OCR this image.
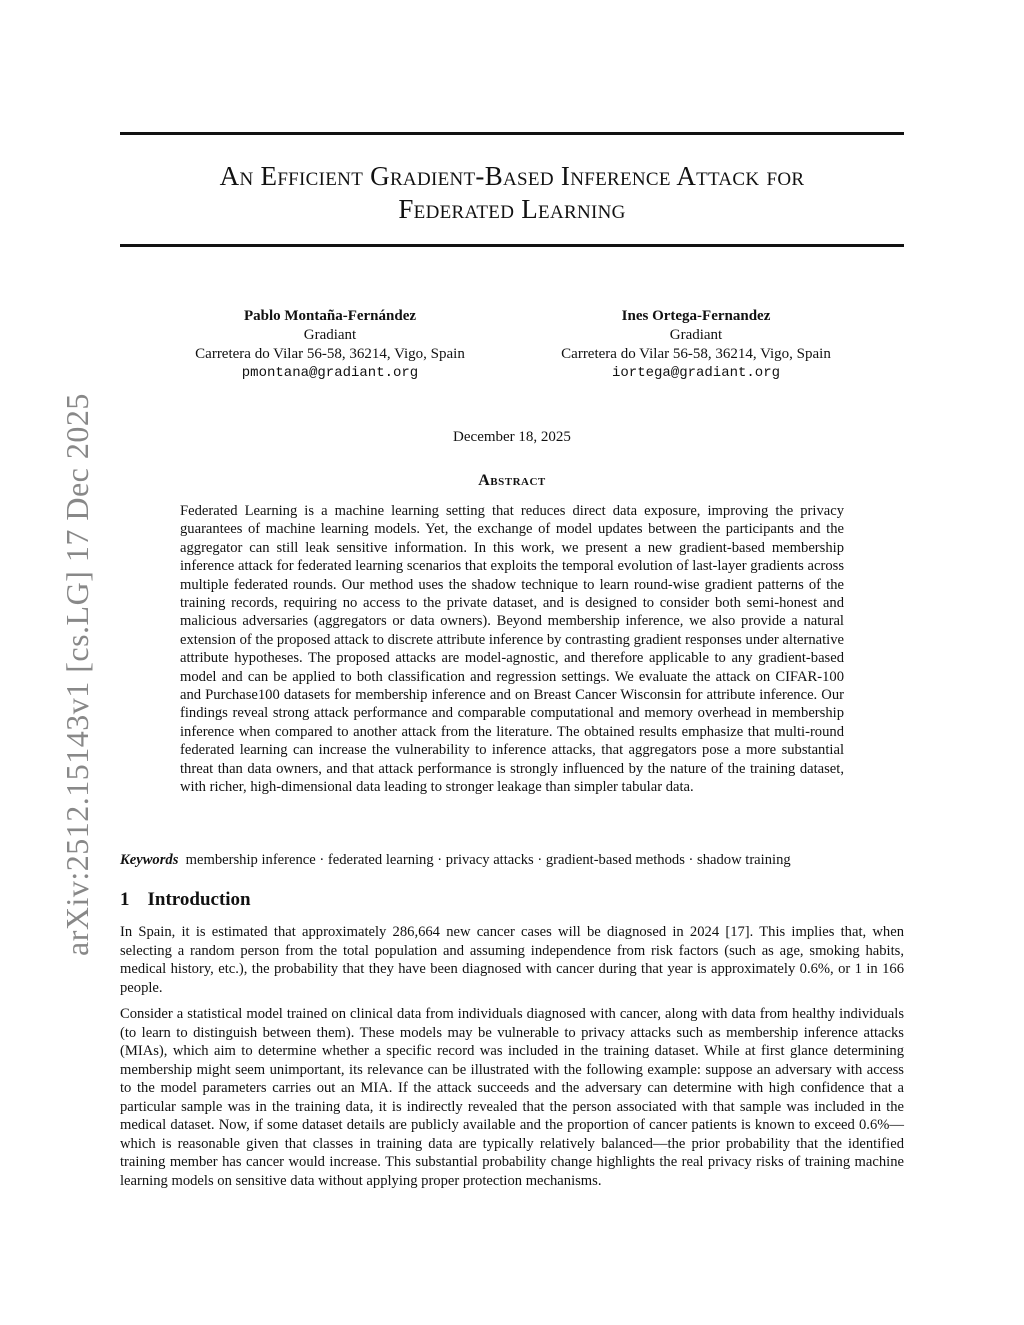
arXiv:2512.15143v1 [cs.LG] 17 Dec 2025
An Efficient Gradient-Based Inference Attack for
Federated Learning
Pablo Montaña-Fernández
Gradiant
Carretera do Vilar 56-58, 36214, Vigo, Spain
pmontana@gradiant.org
Ines Ortega-Fernandez
Gradiant
Carretera do Vilar 56-58, 36214, Vigo, Spain
iortega@gradiant.org
December 18, 2025
Abstract
Federated Learning is a machine learning setting that reduces direct data exposure, improving the privacy guarantees of machine learning models. Yet, the exchange of model updates between the participants and the aggregator can still leak sensitive information. In this work, we present a new gradient-based membership inference attack for federated learning scenarios that exploits the temporal evolution of last-layer gradients across multiple federated rounds. Our method uses the shadow technique to learn round-wise gradient patterns of the training records, requiring no access to the private dataset, and is designed to consider both semi-honest and malicious adversaries (aggregators or data owners). Beyond membership inference, we also provide a natural extension of the proposed attack to discrete attribute inference by contrasting gradient responses under alternative attribute hypotheses. The proposed attacks are model-agnostic, and therefore applicable to any gradient-based model and can be applied to both classification and regression settings. We evaluate the attack on CIFAR-100 and Purchase100 datasets for membership inference and on Breast Cancer Wisconsin for attribute inference. Our findings reveal strong attack performance and comparable computational and memory overhead in membership inference when compared to another attack from the literature. The obtained results emphasize that multi-round federated learning can increase the vulnerability to inference attacks, that aggregators pose a more substantial threat than data owners, and that attack performance is strongly influenced by the nature of the training dataset, with richer, high-dimensional data leading to stronger leakage than simpler tabular data.
Keywords membership inference · federated learning · privacy attacks · gradient-based methods · shadow training
1 Introduction

In Spain, it is estimated that approximately 286,664 new cancer cases will be diagnosed in 2024 [17]. This implies that, when selecting a random person from the total population and assuming independence from risk factors (such as age, smoking habits, medical history, etc.), the probability that they have been diagnosed with cancer during that year is approximately 0.6%, or 1 in 166 people.

Consider a statistical model trained on clinical data from individuals diagnosed with cancer, along with data from healthy individuals (to learn to distinguish between them). These models may be vulnerable to privacy attacks such as membership inference attacks (MIAs), which aim to determine whether a specific record was included in the training dataset. While at first glance determining membership might seem unimportant, its relevance can be illustrated with the following example: suppose an adversary with access to the model parameters carries out an MIA. If the attack succeeds and the adversary can determine with high confidence that a particular sample was in the training data, it is indirectly revealed that the person associated with that sample was included in the medical dataset. Now, if some dataset details are publicly available and the proportion of cancer patients is known to exceed 0.6%—which is reasonable given that classes in training data are typically relatively balanced—the prior probability that the identified training member has cancer would increase. This substantial probability change highlights the real privacy risks of training machine learning models on sensitive data without applying proper protection mechanisms.
